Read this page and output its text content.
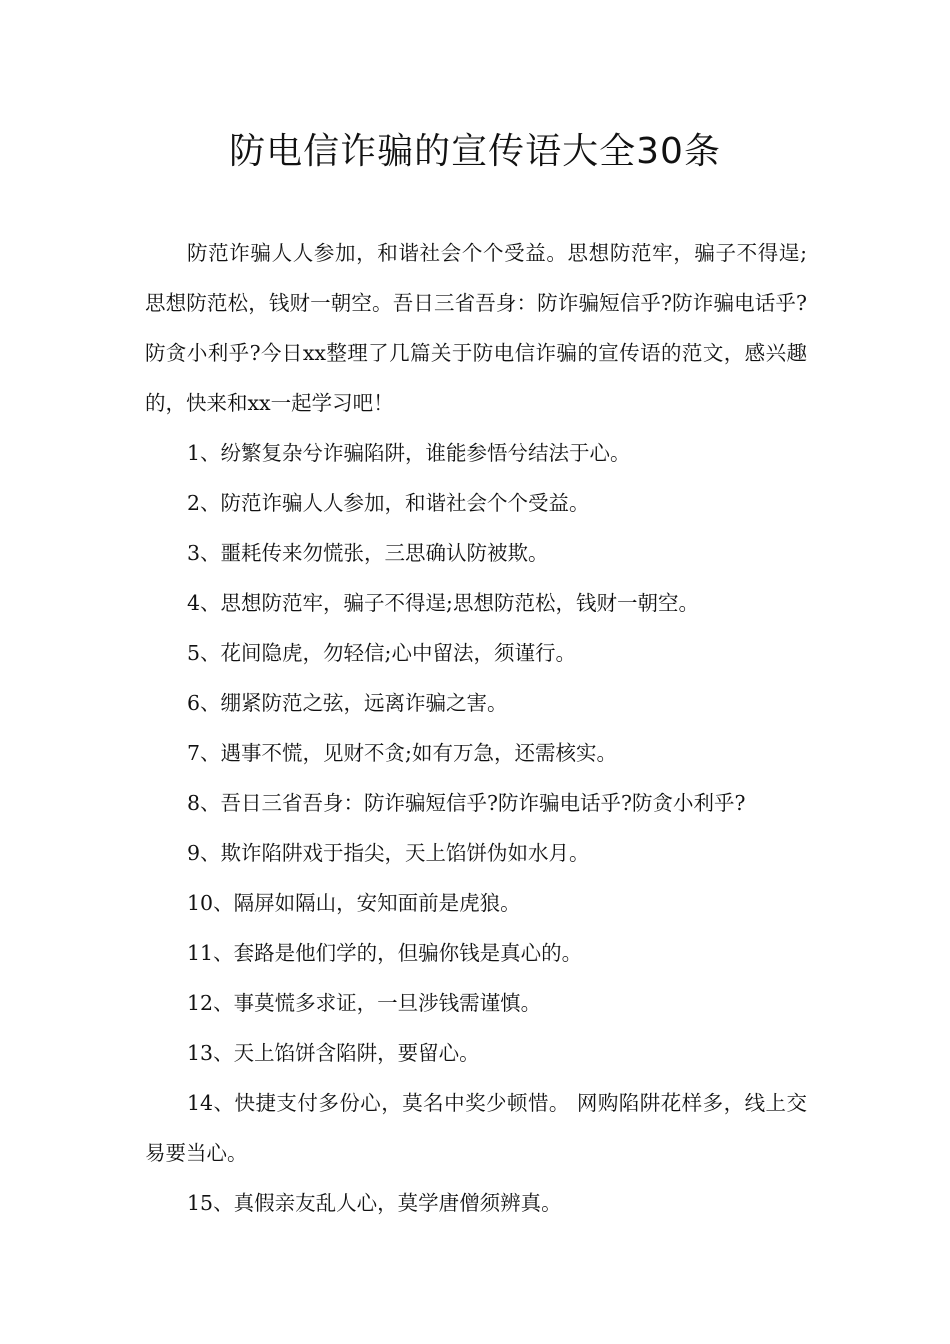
防电信诈骗的宣传语大全30条

防范诈骗人人参加，和谐社会个个受益。思想防范牢，骗子不得逞;思想防范松，钱财一朝空。吾日三省吾身：防诈骗短信乎?防诈骗电话乎?防贪小利乎?今日xx整理了几篇关于防电信诈骗的宣传语的范文，感兴趣的，快来和xx一起学习吧！

1、纷繁复杂兮诈骗陷阱，谁能参悟兮结法于心。

2、防范诈骗人人参加，和谐社会个个受益。

3、噩耗传来勿慌张，三思确认防被欺。

4、思想防范牢，骗子不得逞;思想防范松，钱财一朝空。

5、花间隐虎，勿轻信;心中留法，须谨行。

6、绷紧防范之弦，远离诈骗之害。

7、遇事不慌，见财不贪;如有万急，还需核实。

8、吾日三省吾身：防诈骗短信乎?防诈骗电话乎?防贪小利乎?

9、欺诈陷阱戏于指尖，天上馅饼伪如水月。

10、隔屏如隔山，安知面前是虎狼。

11、套路是他们学的，但骗你钱是真心的。

12、事莫慌多求证，一旦涉钱需谨慎。

13、天上馅饼含陷阱，要留心。

14、快捷支付多份心，莫名中奖少顿惜。 网购陷阱花样多，线上交易要当心。

15、真假亲友乱人心，莫学唐僧须辨真。
